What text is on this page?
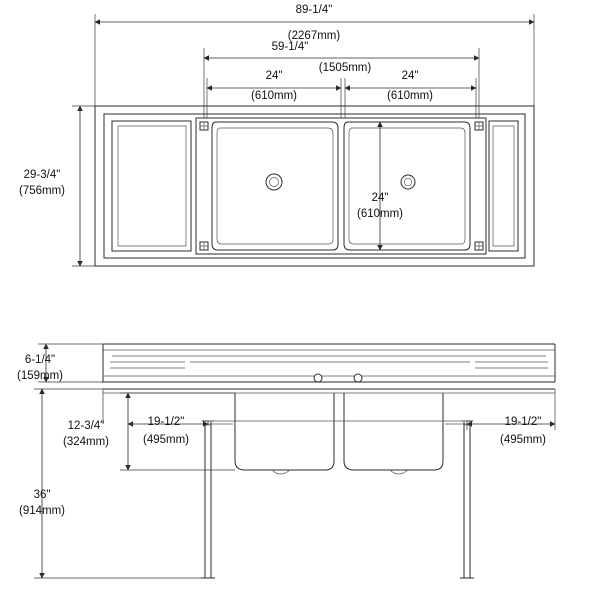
89-1/4"
(2267mm)
59-1/4"
(1505mm)
24"
(610mm)
24"
(610mm)
29-3/4"
(756mm)
24"
(610mm)
6-1/4"
(159mm)
12-3/4"
(324mm)
19-1/2"
(495mm)
19-1/2"
(495mm)
36"
(914mm)
